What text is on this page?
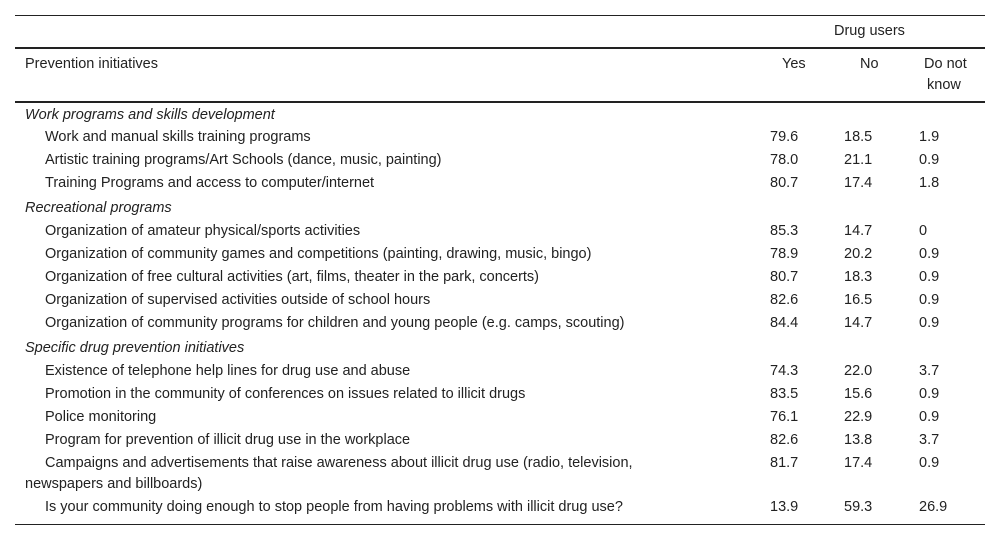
Drug users
Prevention initiatives	Yes	No	Do not
know
Work programs and skills development
Work and manual skills training programs	79.6	18.5	1.9
Artistic training programs/Art Schools (dance, music, painting)	78.0	21.1	0.9
Training Programs and access to computer/internet	80.7	17.4	1.8
Recreational programs
Organization of amateur physical/sports activities	85.3	14.7	0
Organization of community games and competitions (painting, drawing, music, bingo)	78.9	20.2	0.9
Organization of free cultural activities (art, films, theater in the park, concerts)	80.7	18.3	0.9
Organization of supervised activities outside of school hours	82.6	16.5	0.9
Organization of community programs for children and young people (e.g. camps, scouting)	84.4	14.7	0.9
Specific drug prevention initiatives
Existence of telephone help lines for drug use and abuse	74.3	22.0	3.7
Promotion in the community of conferences on issues related to illicit drugs	83.5	15.6	0.9
Police monitoring	76.1	22.9	0.9
Program for prevention of illicit drug use in the workplace	82.6	13.8	3.7
Campaigns and advertisements that raise awareness about illicit drug use (radio, television,
newspapers and billboards)
81.7	17.4	0.9
Is your community doing enough to stop people from having problems with illicit drug use?	13.9	59.3	26.9
